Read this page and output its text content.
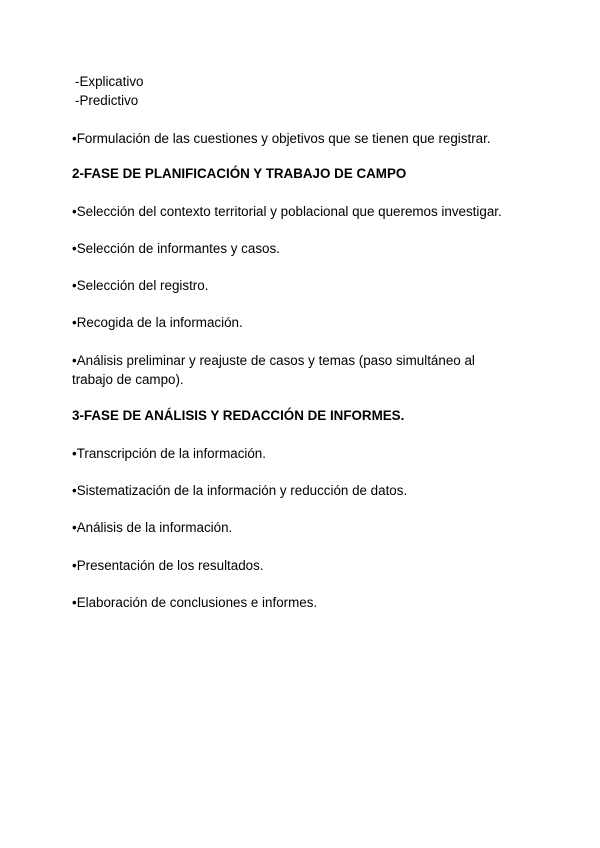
-Explicativo
-Predictivo
•Formulación de las cuestiones y objetivos que se tienen que registrar.
2-FASE DE PLANIFICACIÓN Y TRABAJO DE CAMPO
•Selección del contexto territorial y poblacional que queremos investigar.
•Selección de informantes y casos.
•Selección del registro.
•Recogida de la información.
•Análisis preliminar y reajuste de casos y temas (paso simultáneo al
trabajo de campo).
3-FASE DE ANÁLISIS Y REDACCIÓN DE INFORMES.
•Transcripción de la información.
•Sistematización de la información y reducción de datos.
•Análisis de la información.
•Presentación de los resultados.
•Elaboración de conclusiones e informes.
